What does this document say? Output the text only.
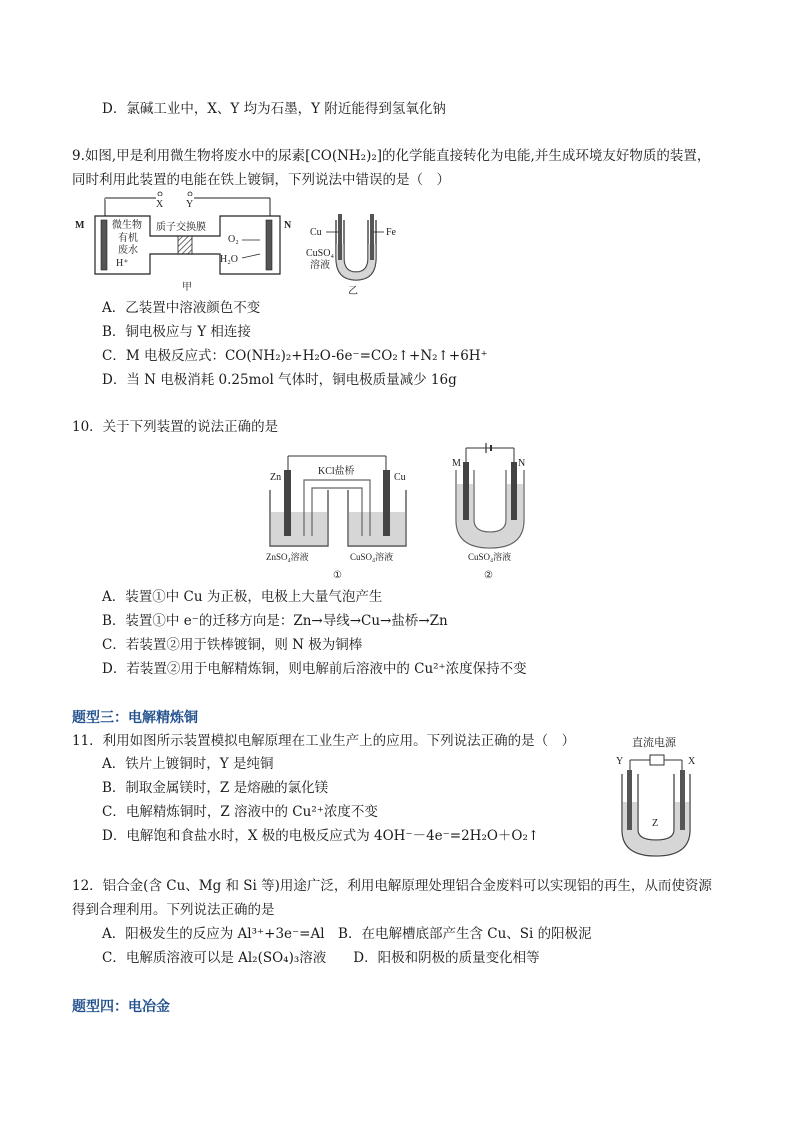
D．氯碱工业中，X、Y 均为石墨，Y 附近能得到氢氧化钠
9.如图,甲是利用微生物将废水中的尿素[CO(NH₂)₂]的化学能直接转化为电能,并生成环境友好物质的装置，
同时利用此装置的电能在铁上镀铜，下列说法中错误的是（　）
X Y
M	N
微生物
有机
废水
H⁺
质子交换膜
O₂
H₂O
甲
Cu	Fe
CuSO₄
溶液
乙
A．乙装置中溶液颜色不变
B．铜电极应与 Y 相连接
C．M 电极反应式：CO(NH₂)₂+H₂O-6e⁻=CO₂↑+N₂↑+6H⁺
D．当 N 电极消耗 0.25mol 气体时，铜电极质量减少 16g
10．关于下列装置的说法正确的是
Zn	Cu
KCl盐桥
ZnSO₄溶液	CuSO₄溶液
①
M	N
CuSO₄溶液
②
A．装置①中 Cu 为正极，电极上大量气泡产生
B．装置①中 e⁻的迁移方向是：Zn→导线→Cu→盐桥→Zn
C．若装置②用于铁棒镀铜，则 N 极为铜棒
D．若装置②用于电解精炼铜，则电解前后溶液中的 Cu²⁺浓度保持不变
题型三：电解精炼铜
11．利用如图所示装置模拟电解原理在工业生产上的应用。下列说法正确的是（　）
A．铁片上镀铜时，Y 是纯铜
B．制取金属镁时，Z 是熔融的氯化镁
C．电解精炼铜时，Z 溶液中的 Cu²⁺浓度不变
D．电解饱和食盐水时，X 极的电极反应式为 4OH⁻－4e⁻=2H₂O＋O₂↑
直流电源
Y	X
Z
12．铝合金(含 Cu、Mg 和 Si 等)用途广泛，利用电解原理处理铝合金废料可以实现铝的再生，从而使资源
得到合理利用。下列说法正确的是
A．阳极发生的反应为 Al³⁺+3e⁻=Al　B．在电解槽底部产生含 Cu、Si 的阳极泥
C．电解质溶液可以是 Al₂(SO₄)₃溶液　　D．阳极和阴极的质量变化相等
题型四：电冶金
